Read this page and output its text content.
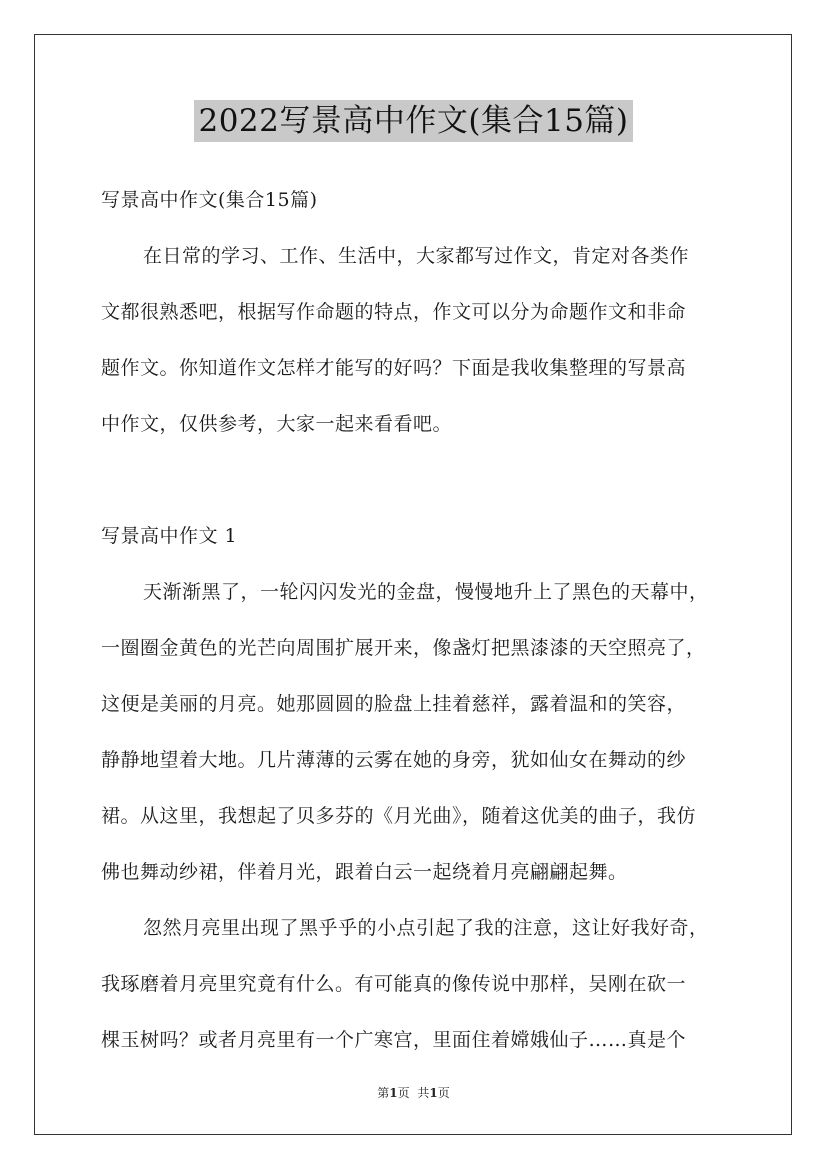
2022写景高中作文(集合15篇)
写景高中作文(集合15篇)
在日常的学习、工作、生活中，大家都写过作文，肯定对各类作
文都很熟悉吧，根据写作命题的特点，作文可以分为命题作文和非命
题作文。你知道作文怎样才能写的好吗？下面是我收集整理的写景高
中作文，仅供参考，大家一起来看看吧。
写景高中作文 1
天渐渐黑了，一轮闪闪发光的金盘，慢慢地升上了黑色的天幕中，
一圈圈金黄色的光芒向周围扩展开来，像盏灯把黑漆漆的天空照亮了，
这便是美丽的月亮。她那圆圆的脸盘上挂着慈祥，露着温和的笑容，
静静地望着大地。几片薄薄的云雾在她的身旁，犹如仙女在舞动的纱
裙。从这里，我想起了贝多芬的《月光曲》，随着这优美的曲子，我仿
佛也舞动纱裙，伴着月光，跟着白云一起绕着月亮翩翩起舞。
忽然月亮里出现了黑乎乎的小点引起了我的注意，这让好我好奇，
我琢磨着月亮里究竟有什么。有可能真的像传说中那样，吴刚在砍一
棵玉树吗？或者月亮里有一个广寒宫，里面住着嫦娥仙子……真是个
第1页 共1页
